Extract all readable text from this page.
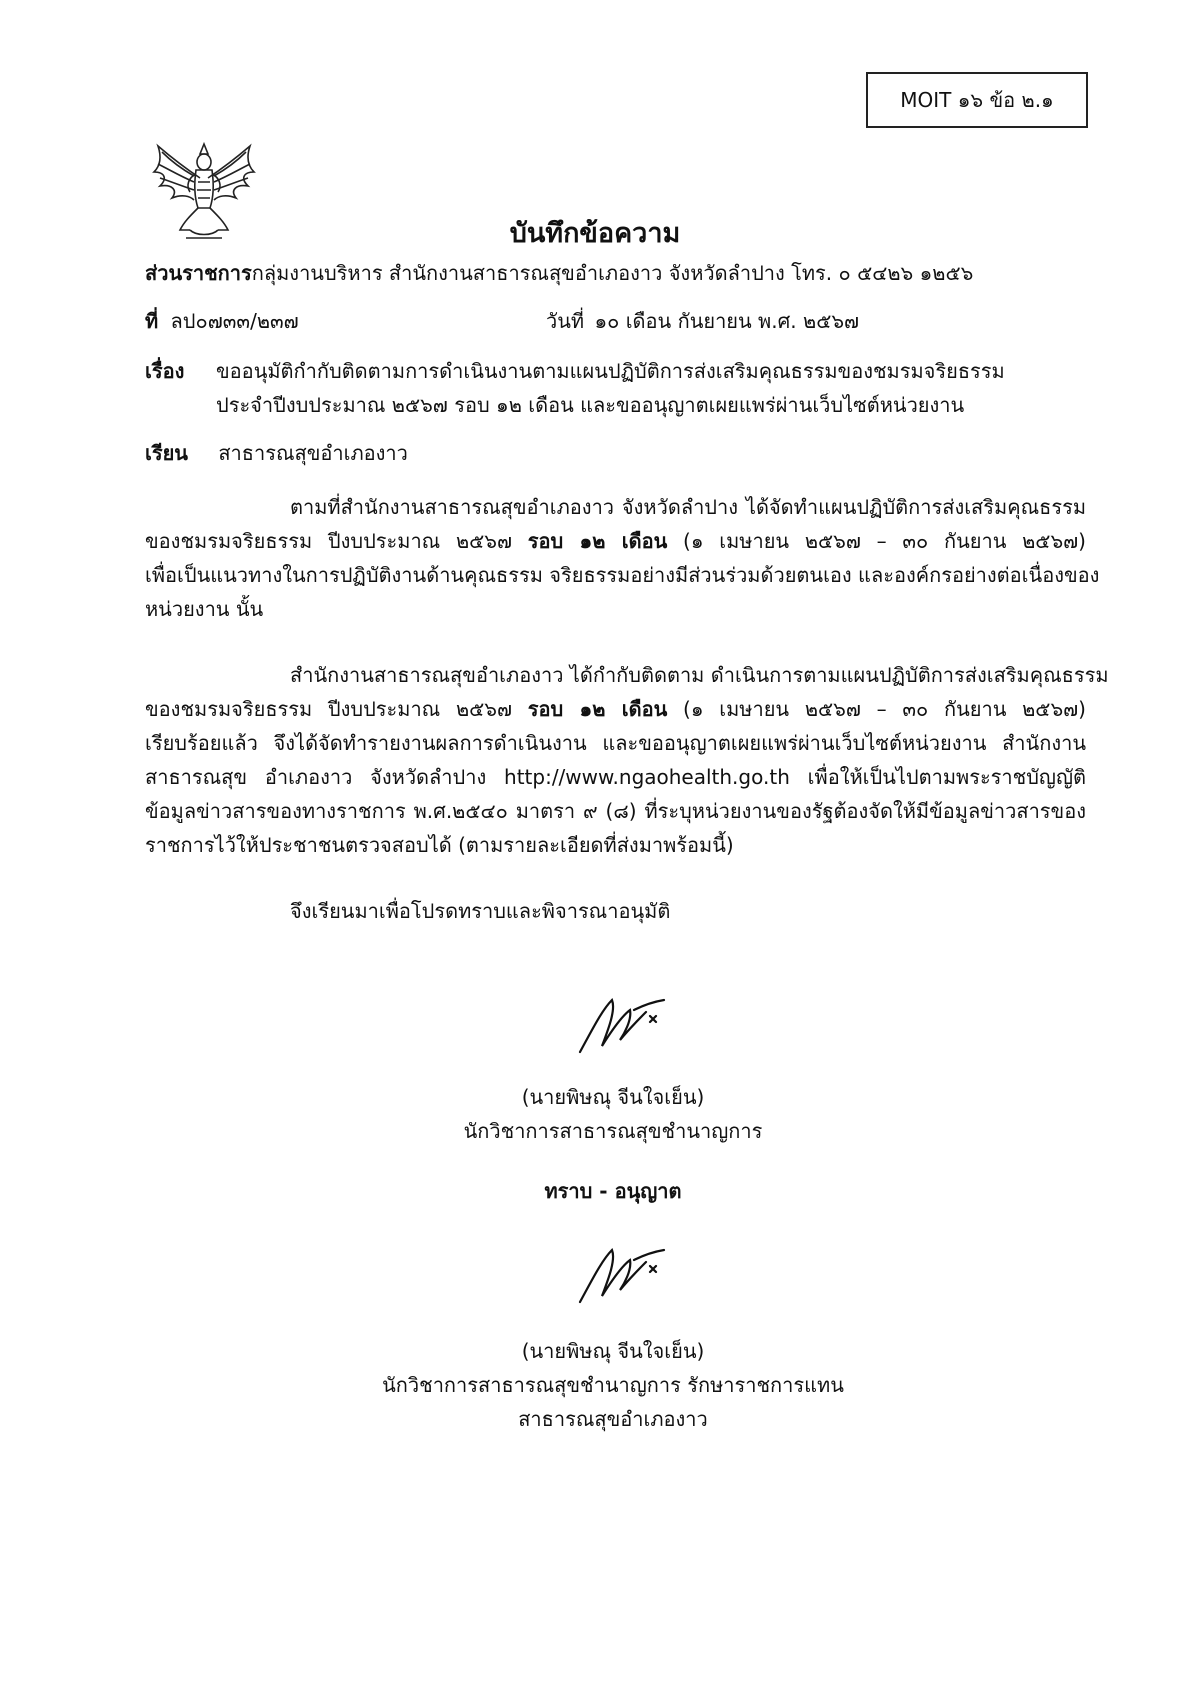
MOIT ๑๖ ข้อ ๒.๑
บันทึกข้อความ
ส่วนราชการกลุ่มงานบริหาร สำนักงานสาธารณสุขอำเภองาว จังหวัดลำปาง โทร. ๐ ๕๔๒๖ ๑๒๕๖
ที่ ลป๐๗๓๓/๒๓๗	วันที่ ๑๐ เดือน กันยายน พ.ศ. ๒๕๖๗
เรื่อง ขออนุมัติกำกับติดตามการดำเนินงานตามแผนปฏิบัติการส่งเสริมคุณธรรมของชมรมจริยธรรม
ประจำปีงบประมาณ ๒๕๖๗ รอบ ๑๒ เดือน และขออนุญาตเผยแพร่ผ่านเว็บไซต์หน่วยงาน
เรียน สาธารณสุขอำเภองาว
ตามที่สำนักงานสาธารณสุขอำเภองาว จังหวัดลำปาง ได้จัดทำแผนปฏิบัติการส่งเสริมคุณธรรม
ของชมรมจริยธรรม ปีงบประมาณ ๒๕๖๗ รอบ ๑๒ เดือน (๑ เมษายน ๒๕๖๗ – ๓๐ กันยาน ๒๕๖๗)
เพื่อเป็นแนวทางในการปฏิบัติงานด้านคุณธรรม จริยธรรมอย่างมีส่วนร่วมด้วยตนเอง และองค์กรอย่างต่อเนื่องของ
หน่วยงาน นั้น
สำนักงานสาธารณสุขอำเภองาว ได้กำกับติดตาม ดำเนินการตามแผนปฏิบัติการส่งเสริมคุณธรรม
ของชมรมจริยธรรม ปีงบประมาณ ๒๕๖๗ รอบ ๑๒ เดือน (๑ เมษายน ๒๕๖๗ – ๓๐ กันยาน ๒๕๖๗)
เรียบร้อยแล้ว จึงได้จัดทำรายงานผลการดำเนินงาน และขออนุญาตเผยแพร่ผ่านเว็บไซต์หน่วยงาน สำนักงาน
สาธารณสุข อำเภองาว จังหวัดลำปาง http://www.ngaohealth.go.th เพื่อให้เป็นไปตามพระราชบัญญัติ
ข้อมูลข่าวสารของทางราชการ พ.ศ.๒๕๔๐ มาตรา ๙ (๘) ที่ระบุหน่วยงานของรัฐต้องจัดให้มีข้อมูลข่าวสารของ
ราชการไว้ให้ประชาชนตรวจสอบได้ (ตามรายละเอียดที่ส่งมาพร้อมนี้)
จึงเรียนมาเพื่อโปรดทราบและพิจารณาอนุมัติ
(นายพิษณุ จีนใจเย็น)
นักวิชาการสาธารณสุขชำนาญการ
ทราบ - อนุญาต
(นายพิษณุ จีนใจเย็น)
นักวิชาการสาธารณสุขชำนาญการ รักษาราชการแทน
สาธารณสุขอำเภองาว
